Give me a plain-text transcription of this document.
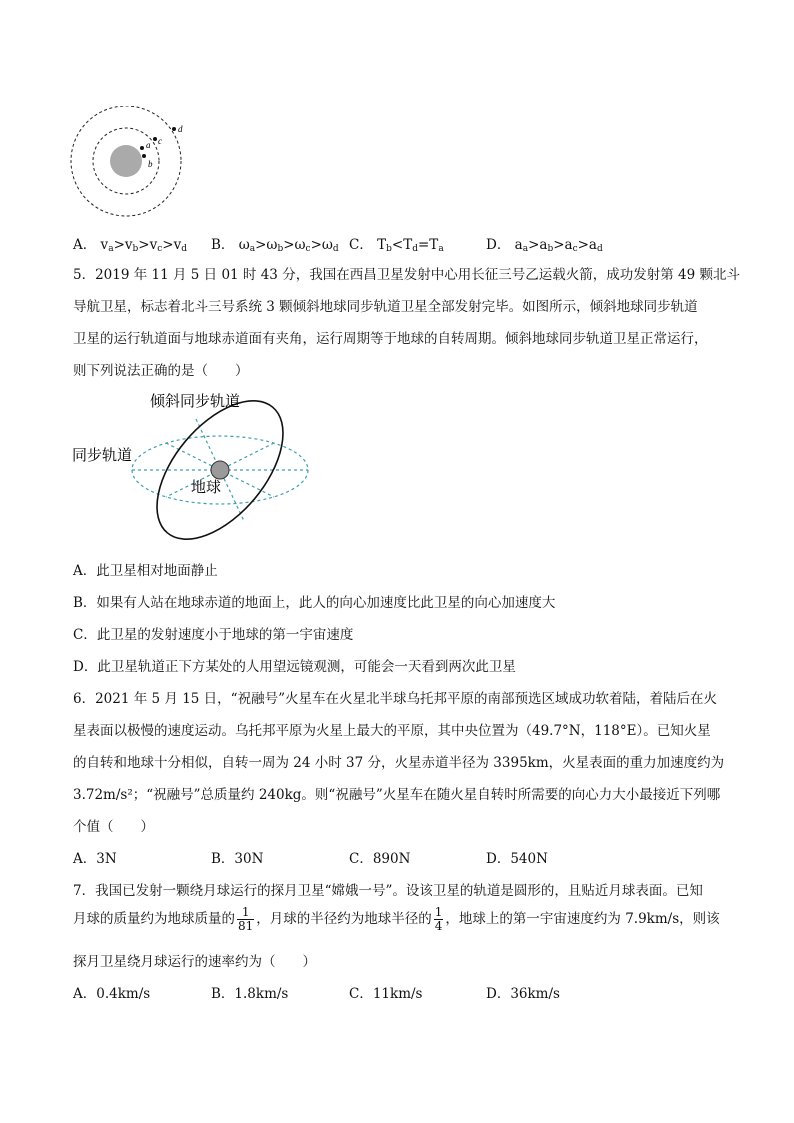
a
b
c
d
A． $v_a>v_b>v_c>v_d$ B． $\omega_a>\omega_b>\omega_c>\omega_d$ C． $T_b<T_d=T_a$	D． $a_a>a_b>a_c>a_d$
5．2019 年 11 月 5 日 01 时 43 分，我国在西昌卫星发射中心用长征三号乙运载火箭，成功发射第 49 颗北斗
导航卫星，标志着北斗三号系统 3 颗倾斜地球同步轨道卫星全部发射完毕。如图所示，倾斜地球同步轨道
卫星的运行轨道面与地球赤道面有夹角，运行周期等于地球的自转周期。倾斜地球同步轨道卫星正常运行，
则下列说法正确的是（　　）
倾斜同步轨道
同步轨道
地球
A．此卫星相对地面静止
B．如果有人站在地球赤道的地面上，此人的向心加速度比此卫星的向心加速度大
C．此卫星的发射速度小于地球的第一宇宙速度
D．此卫星轨道正下方某处的人用望远镜观测，可能会一天看到两次此卫星
6．2021 年 5 月 15 日，“祝融号”火星车在火星北半球乌托邦平原的南部预选区域成功软着陆，着陆后在火
星表面以极慢的速度运动。乌托邦平原为火星上最大的平原，其中央位置为（49.7°N，118°E）。已知火星
的自转和地球十分相似，自转一周为 24 小时 37 分，火星赤道半径为 3395km，火星表面的重力加速度约为
3.72m/s²；“祝融号”总质量约 240kg。则“祝融号”火星车在随火星自转时所需要的向心力大小最接近下列哪
个值（　　）
A．3N	B．30N	C．890N	D．540N
7．我国已发射一颗绕月球运行的探月卫星“嫦娥一号”。设该卫星的轨道是圆形的，且贴近月球表面。已知
月球的质量约为地球质量的 $\frac{1}{81}$ ，月球的半径约为地球半径的 $\frac{1}{4}$ ，地球上的第一宇宙速度约为 7.9km/s，则该
探月卫星绕月球运行的速率约为（　　）
A．0.4km/s	B．1.8km/s	C．11km/s	D．36km/s
